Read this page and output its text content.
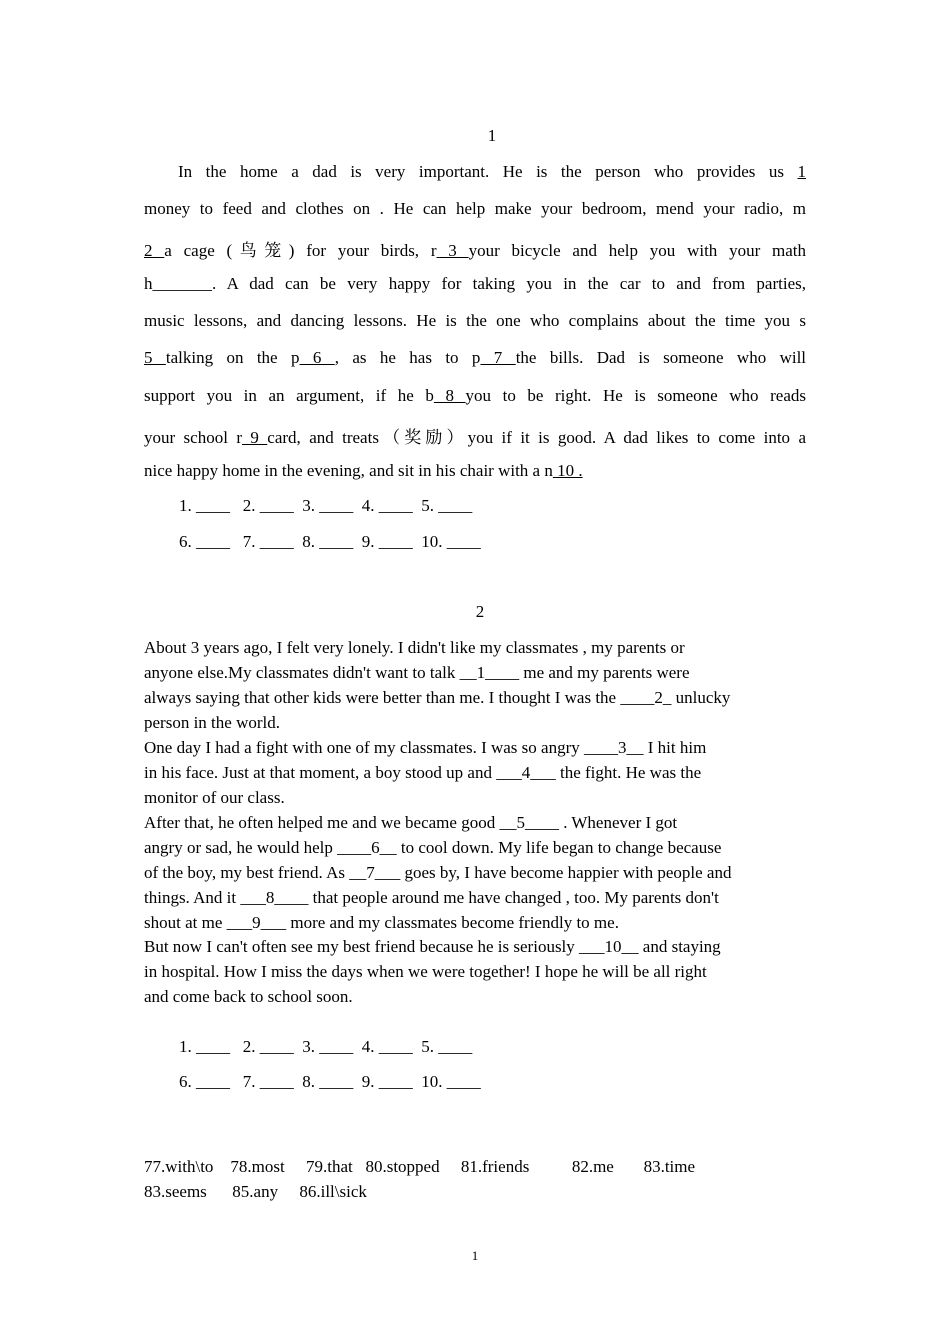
1
In the home a dad is very important. He is the person who provides us 1
money to feed and clothes on . He can help make your bedroom, mend your radio, m
2 a cage (鸟笼) for your birds, r 3 your bicycle and help you with your math
h_______. A dad can be very happy for taking you in the car to and from parties,
music lessons, and dancing lessons. He is the one who complains about the time you s
5 talking on the p 6 , as he has to p 7 the bills. Dad is someone who will
support you in an argument, if he b 8 you to be right. He is someone who reads
your school r 9 card, and treats（奖励）you if it is good. A dad likes to come into a
nice happy home in the evening, and sit in his chair with a n 10 .
1. ____   2. ____  3. ____  4. ____  5. ____
6. ____   7. ____  8. ____  9. ____  10. ____
2
About 3 years ago, I felt very lonely. I didn't like my classmates , my parents or
anyone else.My classmates didn't want to talk __1____ me and my parents were
always saying that other kids were better than me. I thought I was the ____2_ unlucky
person in the world.
One day I had a fight with one of my classmates. I was so angry ____3__ I hit him
in his face. Just at that moment, a boy stood up and ___4___ the fight. He was the
monitor of our class.
After that, he often helped me and we became good __5____ . Whenever I got
angry or sad, he would help ____6__ to cool down. My life began to change because
of the boy, my best friend. As __7___ goes by, I have become happier with people and
things. And it ___8____ that people around me have changed , too. My parents don't
shout at me ___9___ more and my classmates become friendly to me.
But now I can't often see my best friend because he is seriously ___10__ and staying
in hospital. How I miss the days when we were together! I hope he will be all right
and come back to school soon.
1. ____   2. ____  3. ____  4. ____  5. ____
6. ____   7. ____  8. ____  9. ____  10. ____
77.with\to    78.most     79.that   80.stopped     81.friends          82.me       83.time
83.seems      85.any     86.ill\sick
1
